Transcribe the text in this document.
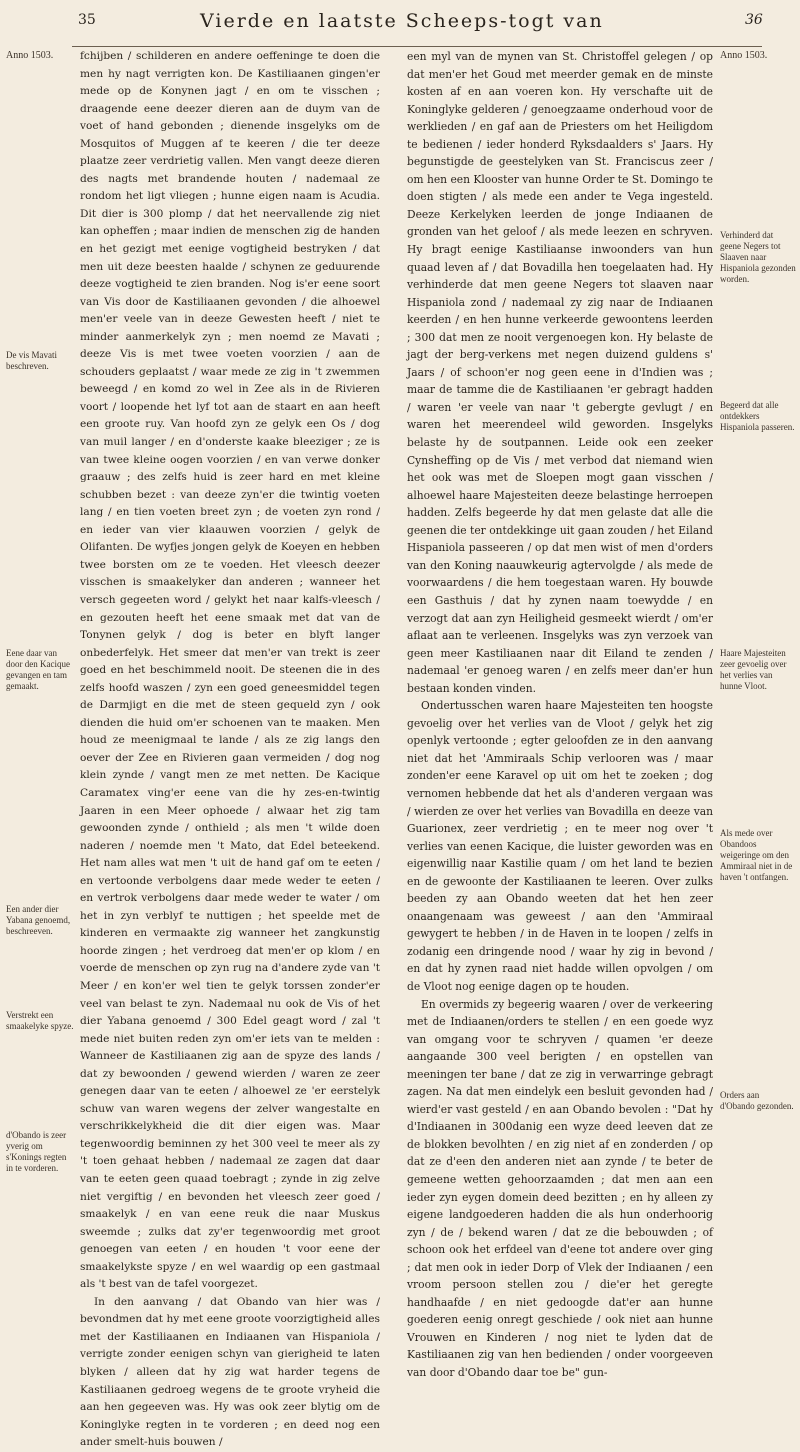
35	Vierde en laatste Scheeps-togt van	36
Anno 1503.
De vis Mavati beschreven.
Eene daar van door den Kacique gevangen en tam gemaakt.
Een ander dier Yabana genoemd, beschreeven.
Verstrekt een smaakelyke spyze.
d'Obando is zeer yverig om s'Konings regten in te vorderen.
Anno 1503.
Verhinderd dat geene Negers tot Slaaven naar Hispaniola gezonden worden.
Begeerd dat alle ontdekkers Hispaniola passeren.
Haare Majesteiten zeer gevoelig over het verlies van hunne Vloot.
Als mede over Obandoos weigeringe om den Ammiraal niet in de haven 't ontfangen.
Orders aan d'Obando gezonden.

fchijben / schilderen en andere oeffeninge te doen die men hy nagt verrigten kon. De Kastiliaanen gingen'er mede op de Konynen jagt / en om te visschen ; draagende eene deezer dieren aan de duym van de voet of hand gebonden ; dienende insgelyks om de Mosquitos of Muggen af te keeren / die ter deeze plaatze zeer verdrietig vallen. Men vangt deeze dieren des nagts met brandende houten / nademaal ze rondom het ligt vliegen ; hunne eigen naam is Acudia. Dit dier is 300 plomp / dat het neervallende zig niet kan opheffen ; maar indien de menschen zig de handen en het gezigt met eenige vogtigheid bestryken / dat men uit deze beesten haalde / schynen ze geduurende deeze vogtigheid te zien branden. Nog is'er eene soort van Vis door de Kastiliaanen gevonden / die alhoewel men'er veele van in deeze Gewesten heeft / niet te minder aanmerkelyk zyn ; men noemd ze Mavati ; deeze Vis is met twee voeten voorzien / aan de schouders geplaatst / waar mede ze zig in 't zwemmen beweegd / en komd zo wel in Zee als in de Rivieren voort / loopende het lyf tot aan de staart en aan heeft een groote ruy. Van hoofd zyn ze gelyk een Os / dog van muil langer / en d'onderste kaake bleeziger ; ze is van twee kleine oogen voorzien / en van verwe donker graauw ; des zelfs huid is zeer hard en met kleine schubben bezet : van deeze zyn'er die twintig voeten lang / en tien voeten breet zyn ; de voeten zyn rond / en ieder van vier klaauwen voorzien / gelyk de Olifanten. De wyfjes jongen gelyk de Koeyen en hebben twee borsten om ze te voeden. Het vleesch deezer visschen is smaakelyker dan anderen ; wanneer het versch gegeeten word / gelykt het naar kalfs-vleesch / en gezouten heeft het eene smaak met dat van de Tonynen gelyk / dog is beter en blyft langer onbederfelyk. Het smeer dat men'er van trekt is zeer goed en het beschimmeld nooit. De steenen die in des zelfs hoofd waszen / zyn een goed geneesmiddel tegen de Darmjigt en die met de steen gequeld zyn / ook dienden die huid om'er schoenen van te maaken. Men houd ze meenigmaal te lande / als ze zig langs den oever der Zee en Rivieren gaan vermeiden / dog nog klein zynde / vangt men ze met netten. De Kacique Caramatex ving'er eene van die hy zes-en-twintig Jaaren in een Meer ophoede / alwaar het zig tam gewoonden zynde / onthield ; als men 't wilde doen naderen / noemde men 't Mato, dat Edel beteekend. Het nam alles wat men 't uit de hand gaf om te eeten / en vertoonde verbolgens daar mede weder te eeten / en vertrok verbolgens daar mede weder te water / om het in zyn verblyf te nuttigen ; het speelde met de kinderen en vermaakte zig wanneer het zangkunstig hoorde zingen ; het verdroeg dat men'er op klom / en voerde de menschen op zyn rug na d'andere zyde van 't Meer / en kon'er wel tien te gelyk torssen zonder'er veel van belast te zyn. Nademaal nu ook de Vis of het dier Yabana genoemd / 300 Edel geagt word / zal 't mede niet buiten reden zyn om'er iets van te melden : Wanneer de Kastiliaanen zig aan de spyze des lands / dat zy bewoonden / gewend wierden / waren ze zeer genegen daar van te eeten / alhoewel ze 'er eerstelyk schuw van waren wegens der zelver wangestalte en verschrikkelykheid die dit dier eigen was. Maar tegenwoordig beminnen zy het 300 veel te meer als zy 't toen gehaat hebben / nademaal ze zagen dat daar van te eeten geen quaad toebragt ; zynde in zig zelve niet vergiftig / en bevonden het vleesch zeer goed / smaakelyk / en van eene reuk die naar Muskus sweemde ; zulks dat zy'er tegenwoordig met groot genoegen van eeten / en houden 't voor eene der smaakelykste spyze / en wel waardig op een gastmaal als 't best van de tafel voorgezet.

In den aanvang / dat Obando van hier was / bevondmen dat hy met eene groote voorzigtigheid alles met der Kastiliaanen en Indiaanen van Hispaniola / verrigte zonder eenigen schyn van gierigheid te laten blyken / alleen dat hy zig wat harder tegens de Kastiliaanen gedroeg wegens de te groote vryheid die aan hen gegeeven was. Hy was ook zeer blytig om de Koninglyke regten in te vorderen ; en deed nog een ander smelt-huis bouwen /

een myl van de mynen van St. Christoffel gelegen / op dat men'er het Goud met meerder gemak en de minste kosten af en aan voeren kon. Hy verschafte uit de Koninglyke gelderen / genoegzaame onderhoud voor de werklieden / en gaf aan de Priesters om het Heiligdom te bedienen / ieder honderd Ryksdaalders s' Jaars. Hy begunstigde de geestelyken van St. Franciscus zeer / om hen een Klooster van hunne Order te St. Domingo te doen stigten / als mede een ander te Vega ingesteld. Deeze Kerkelyken leerden de jonge Indiaanen de gronden van het geloof / als mede leezen en schryven. Hy bragt eenige Kastiliaanse inwoonders van hun quaad leven af / dat Bovadilla hen toegelaaten had. Hy verhinderde dat men geene Negers tot slaaven naar Hispaniola zond / nademaal zy zig naar de Indiaanen keerden / en hen hunne verkeerde gewoontens leerden ; 300 dat men ze nooit vergenoegen kon. Hy belaste de jagt der berg-verkens met negen duizend guldens s' Jaars / of schoon'er nog geen eene in d'Indien was ; maar de tamme die de Kastiliaanen 'er gebragt hadden / waren 'er veele van naar 't gebergte gevlugt / en waren het meerendeel wild geworden. Insgelyks belaste hy de soutpannen. Leide ook een zeeker Cynsheffing op de Vis / met verbod dat niemand wien het ook was met de Sloepen mogt gaan visschen / alhoewel haare Majesteiten deeze belastinge herroepen hadden. Zelfs begeerde hy dat men gelaste dat alle die geenen die ter ontdekkinge uit gaan zouden / het Eiland Hispaniola passeeren / op dat men wist of men d'orders van den Koning naauwkeurig agtervolgde / als mede de voorwaardens / die hem toegestaan waren. Hy bouwde een Gasthuis / dat hy zynen naam toewydde / en verzogt dat aan zyn Heiligheid gesmeekt wierdt / om'er aflaat aan te verleenen. Insgelyks was zyn verzoek van geen meer Kastiliaanen naar dit Eiland te zenden / nademaal 'er genoeg waren / en zelfs meer dan'er hun bestaan konden vinden.

Ondertusschen waren haare Majesteiten ten hoogste gevoelig over het verlies van de Vloot / gelyk het zig openlyk vertoonde ; egter geloofden ze in den aanvang niet dat het 'Ammiraals Schip verlooren was / maar zonden'er eene Karavel op uit om het te zoeken ; dog vernomen hebbende dat het als d'anderen vergaan was / wierden ze over het verlies van Bovadilla en deeze van Guarionex, zeer verdrietig ; en te meer nog over 't verlies van eenen Kacique, die luister geworden was en eigenwillig naar Kastilie quam / om het land te bezien en de gewoonte der Kastiliaanen te leeren. Over zulks beeden zy aan Obando weeten dat het hen zeer onaangenaam was geweest / aan den 'Ammiraal gewygert te hebben / in de Haven in te loopen / zelfs in zodanig een dringende nood / waar hy zig in bevond / en dat hy zynen raad niet hadde willen opvolgen / om de Vloot nog eenige dagen op te houden.

En overmids zy begeerig waaren / over de verkeering met de Indiaanen/orders te stellen / en een goede wyz van omgang voor te schryven / quamen 'er deeze aangaande 300 veel berigten / en opstellen van meeningen ter bane / dat ze zig in verwarringe gebragt zagen. Na dat men eindelyk een besluit gevonden had / wierd'er vast gesteld / en aan Obando bevolen : "Dat hy d'Indiaanen in 300danig een wyze deed leeven dat ze de blokken bevolhten / en zig niet af en zonderden / op dat ze d'een den anderen niet aan zynde / te beter de gemeene wetten gehoorzaamden ; dat men aan een ieder zyn eygen domein deed bezitten ; en hy alleen zy eigene landgoederen hadden die als hun onderhoorig zyn / de / bekend waren / dat ze die bebouwden ; of schoon ook het erfdeel van d'eene tot andere over ging ; dat men ook in ieder Dorp of Vlek der Indiaanen / een vroom persoon stellen zou / die'er het geregte handhaafde / en niet gedoogde dat'er aan hunne goederen eenig onregt geschiede / ook niet aan hunne Vrouwen en Kinderen / nog niet te lyden dat de Kastiliaanen zig van hen bedienden / onder voorgeeven van door d'Obando daar toe be" gun-
